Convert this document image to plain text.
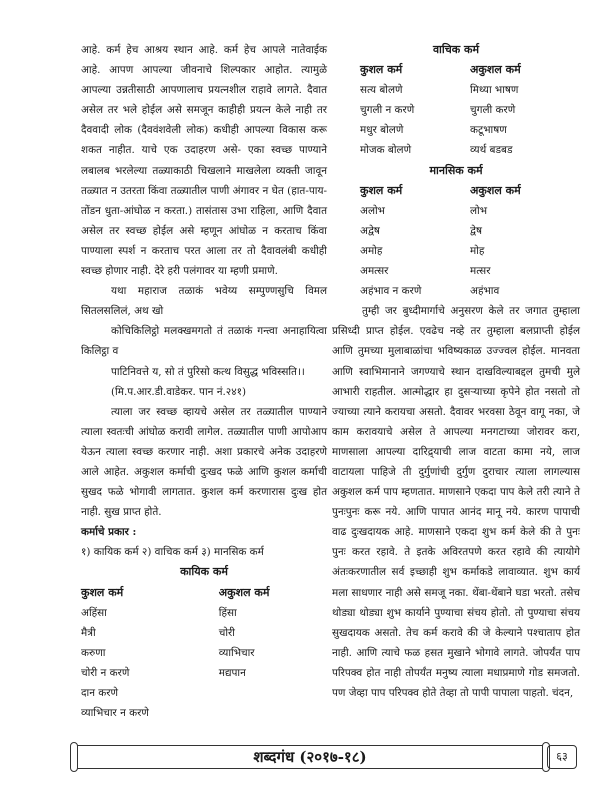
आहे. कर्म हेच आश्रय स्थान आहे. कर्म हेच आपले नातेवाईक आहे. आपण आपल्या जीवनाचे शिल्पकार आहोत. त्यामुळे आपल्या उन्नतीसाठी आपणालाच प्रयत्नशील राहावे लागते. दैवात असेल तर भले होईल असे समजून काहीही प्रयत्न केले नाही तर दैववादी लोक (दैववंशवेली लोक) कधीही आपल्या विकास करू शकत नाहीत. याचे एक उदाहरण असे- एका स्वच्छ पाण्याने लबालब भरलेल्या तळ्याकाठी चिखलाने माखलेला व्यक्ती जावून तळ्यात न उतरता किंवा तळ्यातील पाणी अंगावर न घेत (हात-पाय-तोंडन धुता-आंघोळ न करता.) तासंतास उभा राहिला, आणि दैवात असेल तर स्वच्छ होईल असे म्हणून आंघोळ न करताच किंवा पाण्याला स्पर्श न करताच परत आला तर तो दैवावलंबी कधीही स्वच्छ होणार नाही. देरे हरी पलंगावर या म्हणी प्रमाणे.

यथा महाराज तळाकं भवेय्य सम्पुण्णसुचि विमल सितलसलिलं, अथ खो

कोचिकिलिट्ठो मलक्खमगतो तं तळाकं गन्त्वा अनाहायित्वा किलिट्ठा व

पाटिनिवत्ते य, सो तं पुरिसो कत्थ विसुद्ध भविस्सति।।

(मि.प.आर.डी.वाडेकर. पान नं.२४१)

त्याला जर स्वच्छ व्हायचे असेल तर तळ्यातील पाण्याने त्याला स्वतःची आंघोळ करावी लागेल. तळ्यातील पाणी आपोआप येऊन त्याला स्वच्छ करणार नाही. अशा प्रकारचे अनेक उदाहरणे आले आहेत. अकुशल कर्माची दुःखद फळे आणि कुशल कर्माची सुखद फळे भोगावी लागतात. कुशल कर्म करणारास दुःख होत नाही. सुख प्राप्त होते.

कर्माचे प्रकार :

१) कायिक कर्म २) वाचिक कर्म ३) मानसिक कर्म

कायिक कर्म
कुशल कर्म	अकुशल कर्म
अहिंसा	हिंसा
मैत्री	चोरी
करुणा	व्याभिचार
चोरी न करणे	मद्यपान
दान करणे	
व्याभिचार न करणे	
वाचिक कर्म
कुशल कर्म	अकुशल कर्म
सत्य बोलणे	मिथ्या भाषण
चुगली न करणे	चुगली करणे
मधुर बोलणे	कटूभाषण
मोजक बोलणे	व्यर्थ बडबड
मानसिक कर्म
कुशल कर्म	अकुशल कर्म
अलोभ	लोभ
अद्वेष	द्वेष
अमोह	मोह
अमत्सर	मत्सर
अहंभाव न करणे	अहंभाव

तुम्ही जर बुध्दीमार्गाचे अनुसरण केले तर जगात तुम्हाला प्रसिध्दी प्राप्त होईल. एवढेच नव्हे तर तुम्हाला बलप्राप्ती होईल आणि तुमच्या मुलाबाळांचा भविष्यकाळ उज्ज्वल होईल. मानवता आणि स्वाभिमानाने जगण्याचे स्थान दाखविल्याबद्दल तुमची मुले आभारी राहतील. आत्मोद्धार हा दुसऱ्याच्या कृपेने होत नसतो तो ज्याच्या त्याने करायचा असतो. दैवावर भरवसा ठेवून वागू नका, जे काम करावयाचे असेल ते आपल्या मनगटाच्या जोरावर करा, माणसाला आपल्या दारिद्र्याची लाज वाटता कामा नये, लाज वाटायला पाहिजे ती दुर्गुणांची दुर्गुण दुराचार त्याला लागल्यास अकुशल कर्म पाप म्हणतात. माणसाने एकदा पाप केले तरी त्याने ते पुनःपुनः करू नये. आणि पापात आनंद मानू नये. कारण पापाची वाढ दुःखदायक आहे. माणसाने एकदा शुभ कर्म केले की ते पुनः पुनः करत रहावे. ते इतके अविरतपणे करत रहावे की त्यायोगे अंतःकरणातील सर्व इच्छाही शुभ कर्माकडे लावाव्यात. शुभ कार्य मला साधणार नाही असे समजू नका. थेंबा-थेंबाने घडा भरतो. तसेच थोड्या थोड्या शुभ कार्याने पुण्याचा संचय होतो. तो पुण्याचा संचय सुखदायक असतो. तेच कर्म करावे की जे केल्याने पश्चाताप होत नाही. आणि त्याचे फळ हसत मुखाने भोगावे लागते. जोपर्यंत पाप परिपक्व होत नाही तोपर्यंत मनुष्य त्याला मधाप्रमाणे गोड समजतो. पण जेव्हा पाप परिपक्व होते तेव्हा तो पापी पापाला पाहतो. चंदन,

शब्दगंध (२०१७-१८)	६३
